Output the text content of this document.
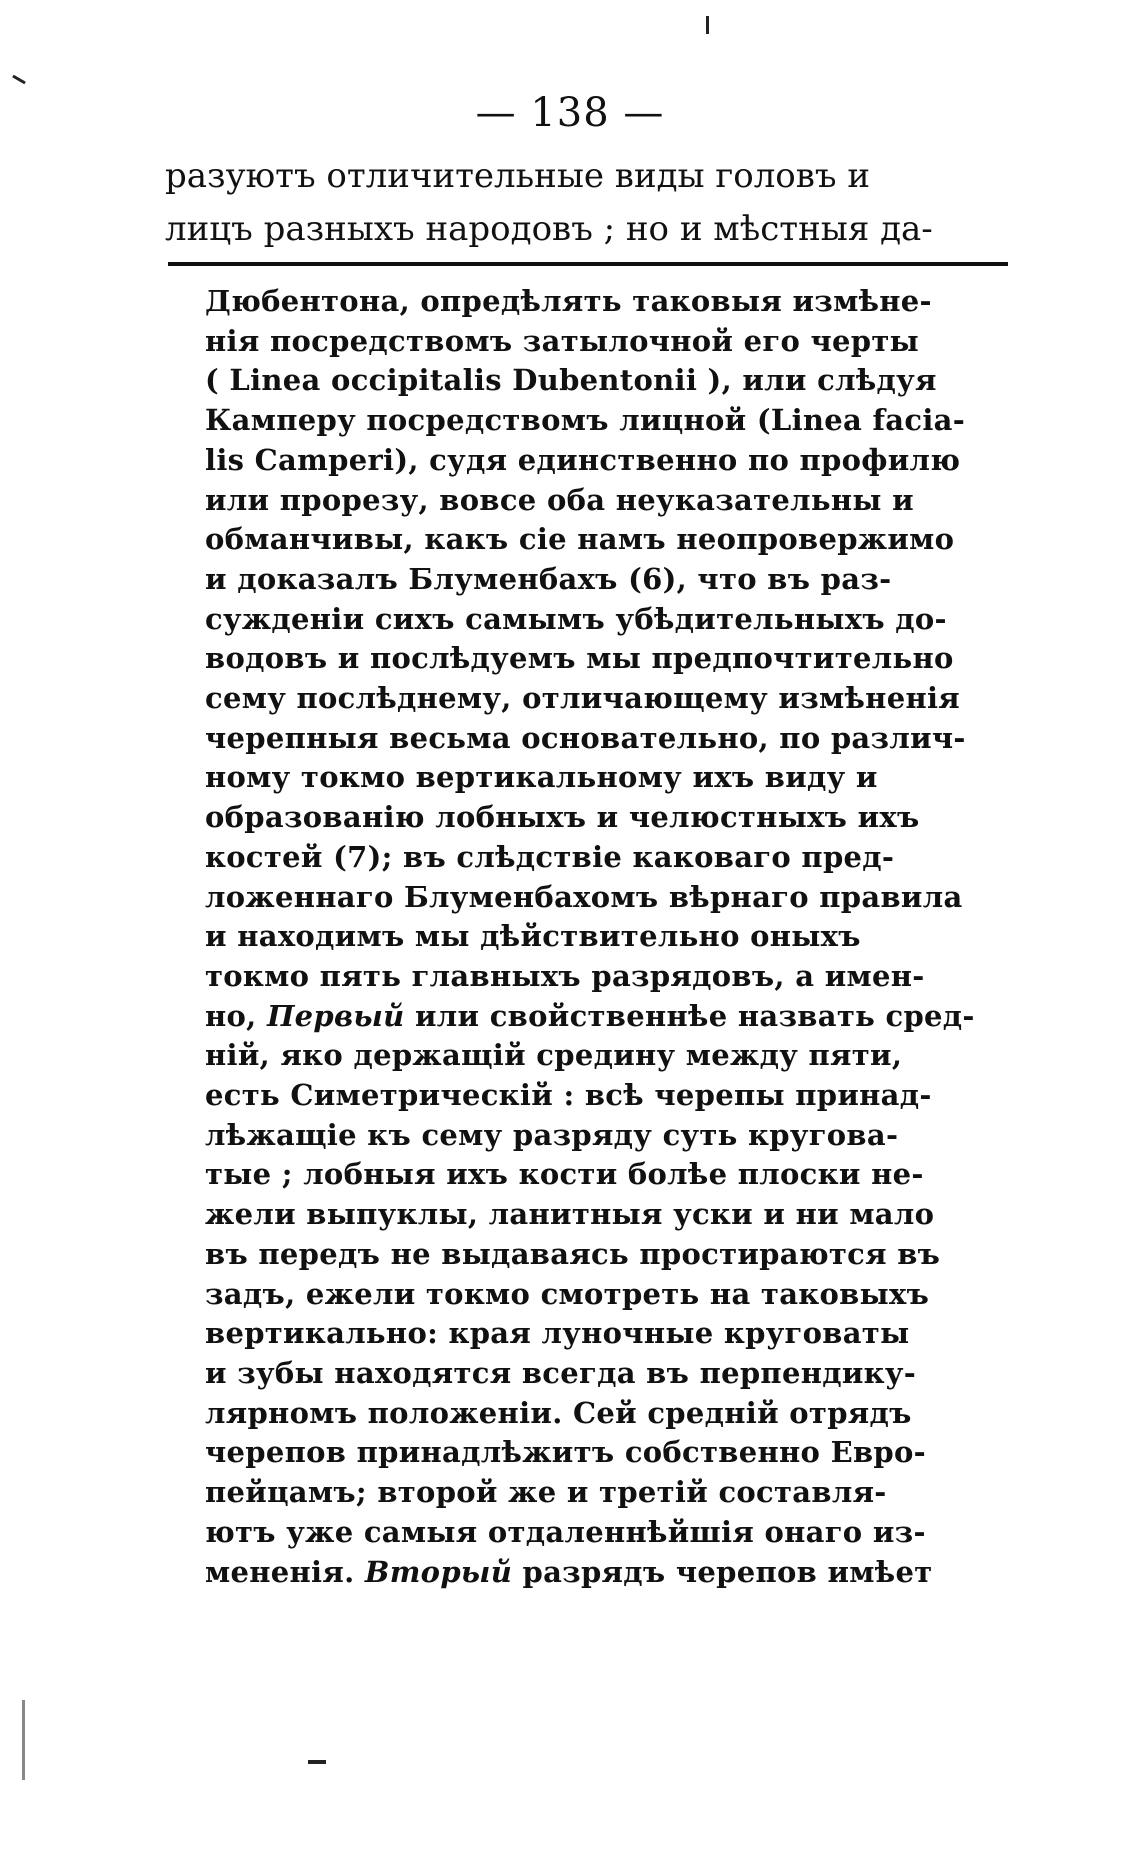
— 138 —
разуютъ отличительные виды головъ и
лицъ разныхъ народовъ ; но и мѣстныя да-
Дюбентона, опредѣлять таковыя измѣне-
нія посредствомъ затылочной его черты
( Linea occipitalis Dubentonii ), или слѣдуя
Камперу посредствомъ лицной (Linea facia-
lis Camperi), судя единственно по профилю
или прорезу, вовсе оба неуказательны и
обманчивы, какъ сіе намъ неопровержимо
и доказалъ Блуменбахъ (6), что въ раз-
сужденіи сихъ самымъ убѣдительныхъ до-
водовъ и послѣдуемъ мы предпочтительно
сему послѣднему, отличающему измѣненія
черепныя весьма основательно, по различ-
ному токмо вертикальному ихъ виду и
образованію лобныхъ и челюстныхъ ихъ
костей (7); въ слѣдствіе каковаго пред-
ложеннаго Блуменбахомъ вѣрнаго правила
и находимъ мы дѣйствительно оныхъ
токмо пять главныхъ разрядовъ, а имен-
но, Первый или свойственнѣе назвать сред-
ній, яко держащій средину между пяти,
есть Симетрическій : всѣ черепы принад-
лѣжащіе къ сему разряду суть кругова-
тые ; лобныя ихъ кости болѣе плоски не-
жели выпуклы, ланитныя уски и ни мало
въ передъ не выдаваясь простираются въ
задъ, ежели токмо смотреть на таковыхъ
вертикально: края луночные круговаты
и зубы находятся всегда въ перпендику-
лярномъ положеніи. Сей средній отрядъ
черепов принадлѣжитъ собственно Евро-
пейцамъ; второй же и третій составля-
ютъ уже самыя отдаленнѣйшія онаго из-
мененія. Вторый разрядъ черепов имѣет
